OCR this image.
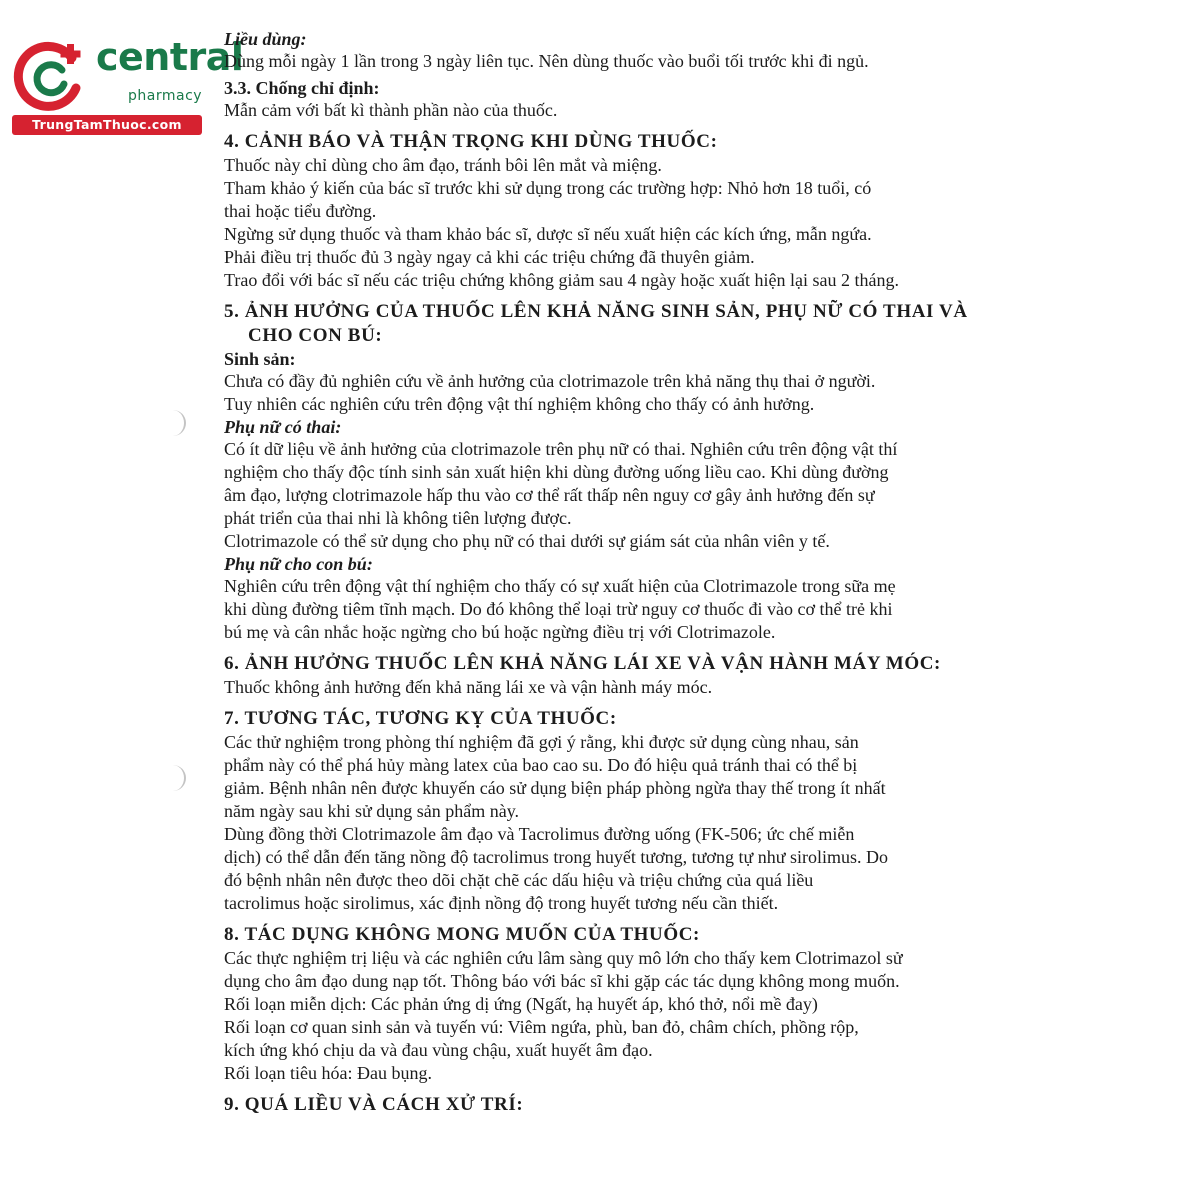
central
pharmacy
TrungTamThuoc.com
Liều dùng:

Dùng mỗi ngày 1 lần trong 3 ngày liên tục. Nên dùng thuốc vào buổi tối trước khi đi ngủ.

3.3. Chống chỉ định:

Mẫn cảm với bất kì thành phần nào của thuốc.

4. CẢNH BÁO VÀ THẬN TRỌNG KHI DÙNG THUỐC:

Thuốc này chỉ dùng cho âm đạo, tránh bôi lên mắt và miệng.

Tham khảo ý kiến của bác sĩ trước khi sử dụng trong các trường hợp: Nhỏ hơn 18 tuổi, có

thai hoặc tiểu đường.

Ngừng sử dụng thuốc và tham khảo bác sĩ, dược sĩ nếu xuất hiện các kích ứng, mẫn ngứa.

Phải điều trị thuốc đủ 3 ngày ngay cả khi các triệu chứng đã thuyên giảm.

Trao đổi với bác sĩ nếu các triệu chứng không giảm sau 4 ngày hoặc xuất hiện lại sau 2 tháng.

5. ẢNH HƯỞNG CỦA THUỐC LÊN KHẢ NĂNG SINH SẢN, PHỤ NỮ CÓ THAI VÀ
CHO CON BÚ:
Sinh sản:

Chưa có đầy đủ nghiên cứu về ảnh hưởng của clotrimazole trên khả năng thụ thai ở người.

Tuy nhiên các nghiên cứu trên động vật thí nghiệm không cho thấy có ảnh hưởng.

Phụ nữ có thai:

Có ít dữ liệu về ảnh hưởng của clotrimazole trên phụ nữ có thai. Nghiên cứu trên động vật thí

nghiệm cho thấy độc tính sinh sản xuất hiện khi dùng đường uống liều cao. Khi dùng đường

âm đạo, lượng clotrimazole hấp thu vào cơ thể rất thấp nên nguy cơ gây ảnh hưởng đến sự

phát triển của thai nhi là không tiên lượng được.

Clotrimazole có thể sử dụng cho phụ nữ có thai dưới sự giám sát của nhân viên y tế.

Phụ nữ cho con bú:

Nghiên cứu trên động vật thí nghiệm cho thấy có sự xuất hiện của Clotrimazole trong sữa mẹ

khi dùng đường tiêm tĩnh mạch. Do đó không thể loại trừ nguy cơ thuốc đi vào cơ thể trẻ khi

bú mẹ và cân nhắc hoặc ngừng cho bú hoặc ngừng điều trị với Clotrimazole.

6. ẢNH HƯỞNG THUỐC LÊN KHẢ NĂNG LÁI XE VÀ VẬN HÀNH MÁY MÓC:

Thuốc không ảnh hưởng đến khả năng lái xe và vận hành máy móc.

7. TƯƠNG TÁC, TƯƠNG KỴ CỦA THUỐC:

Các thử nghiệm trong phòng thí nghiệm đã gợi ý rằng, khi được sử dụng cùng nhau, sản

phẩm này có thể phá hủy màng latex của bao cao su. Do đó hiệu quả tránh thai có thể bị

giảm. Bệnh nhân nên được khuyến cáo sử dụng biện pháp phòng ngừa thay thế trong ít nhất

năm ngày sau khi sử dụng sản phẩm này.

Dùng đồng thời Clotrimazole âm đạo và Tacrolimus đường uống (FK-506; ức chế miễn

dịch) có thể dẫn đến tăng nồng độ tacrolimus trong huyết tương, tương tự như sirolimus. Do

đó bệnh nhân nên được theo dõi chặt chẽ các dấu hiệu và triệu chứng của quá liều

tacrolimus hoặc sirolimus, xác định nồng độ trong huyết tương nếu cần thiết.

8. TÁC DỤNG KHÔNG MONG MUỐN CỦA THUỐC:

Các thực nghiệm trị liệu và các nghiên cứu lâm sàng quy mô lớn cho thấy kem Clotrimazol sử

dụng cho âm đạo dung nạp tốt. Thông báo với bác sĩ khi gặp các tác dụng không mong muốn.

Rối loạn miễn dịch: Các phản ứng dị ứng (Ngất, hạ huyết áp, khó thở, nổi mề đay)

Rối loạn cơ quan sinh sản và tuyến vú: Viêm ngứa, phù, ban đỏ, châm chích, phồng rộp,

kích ứng khó chịu da và đau vùng chậu, xuất huyết âm đạo.

Rối loạn tiêu hóa: Đau bụng.

9. QUÁ LIỀU VÀ CÁCH XỬ TRÍ:
